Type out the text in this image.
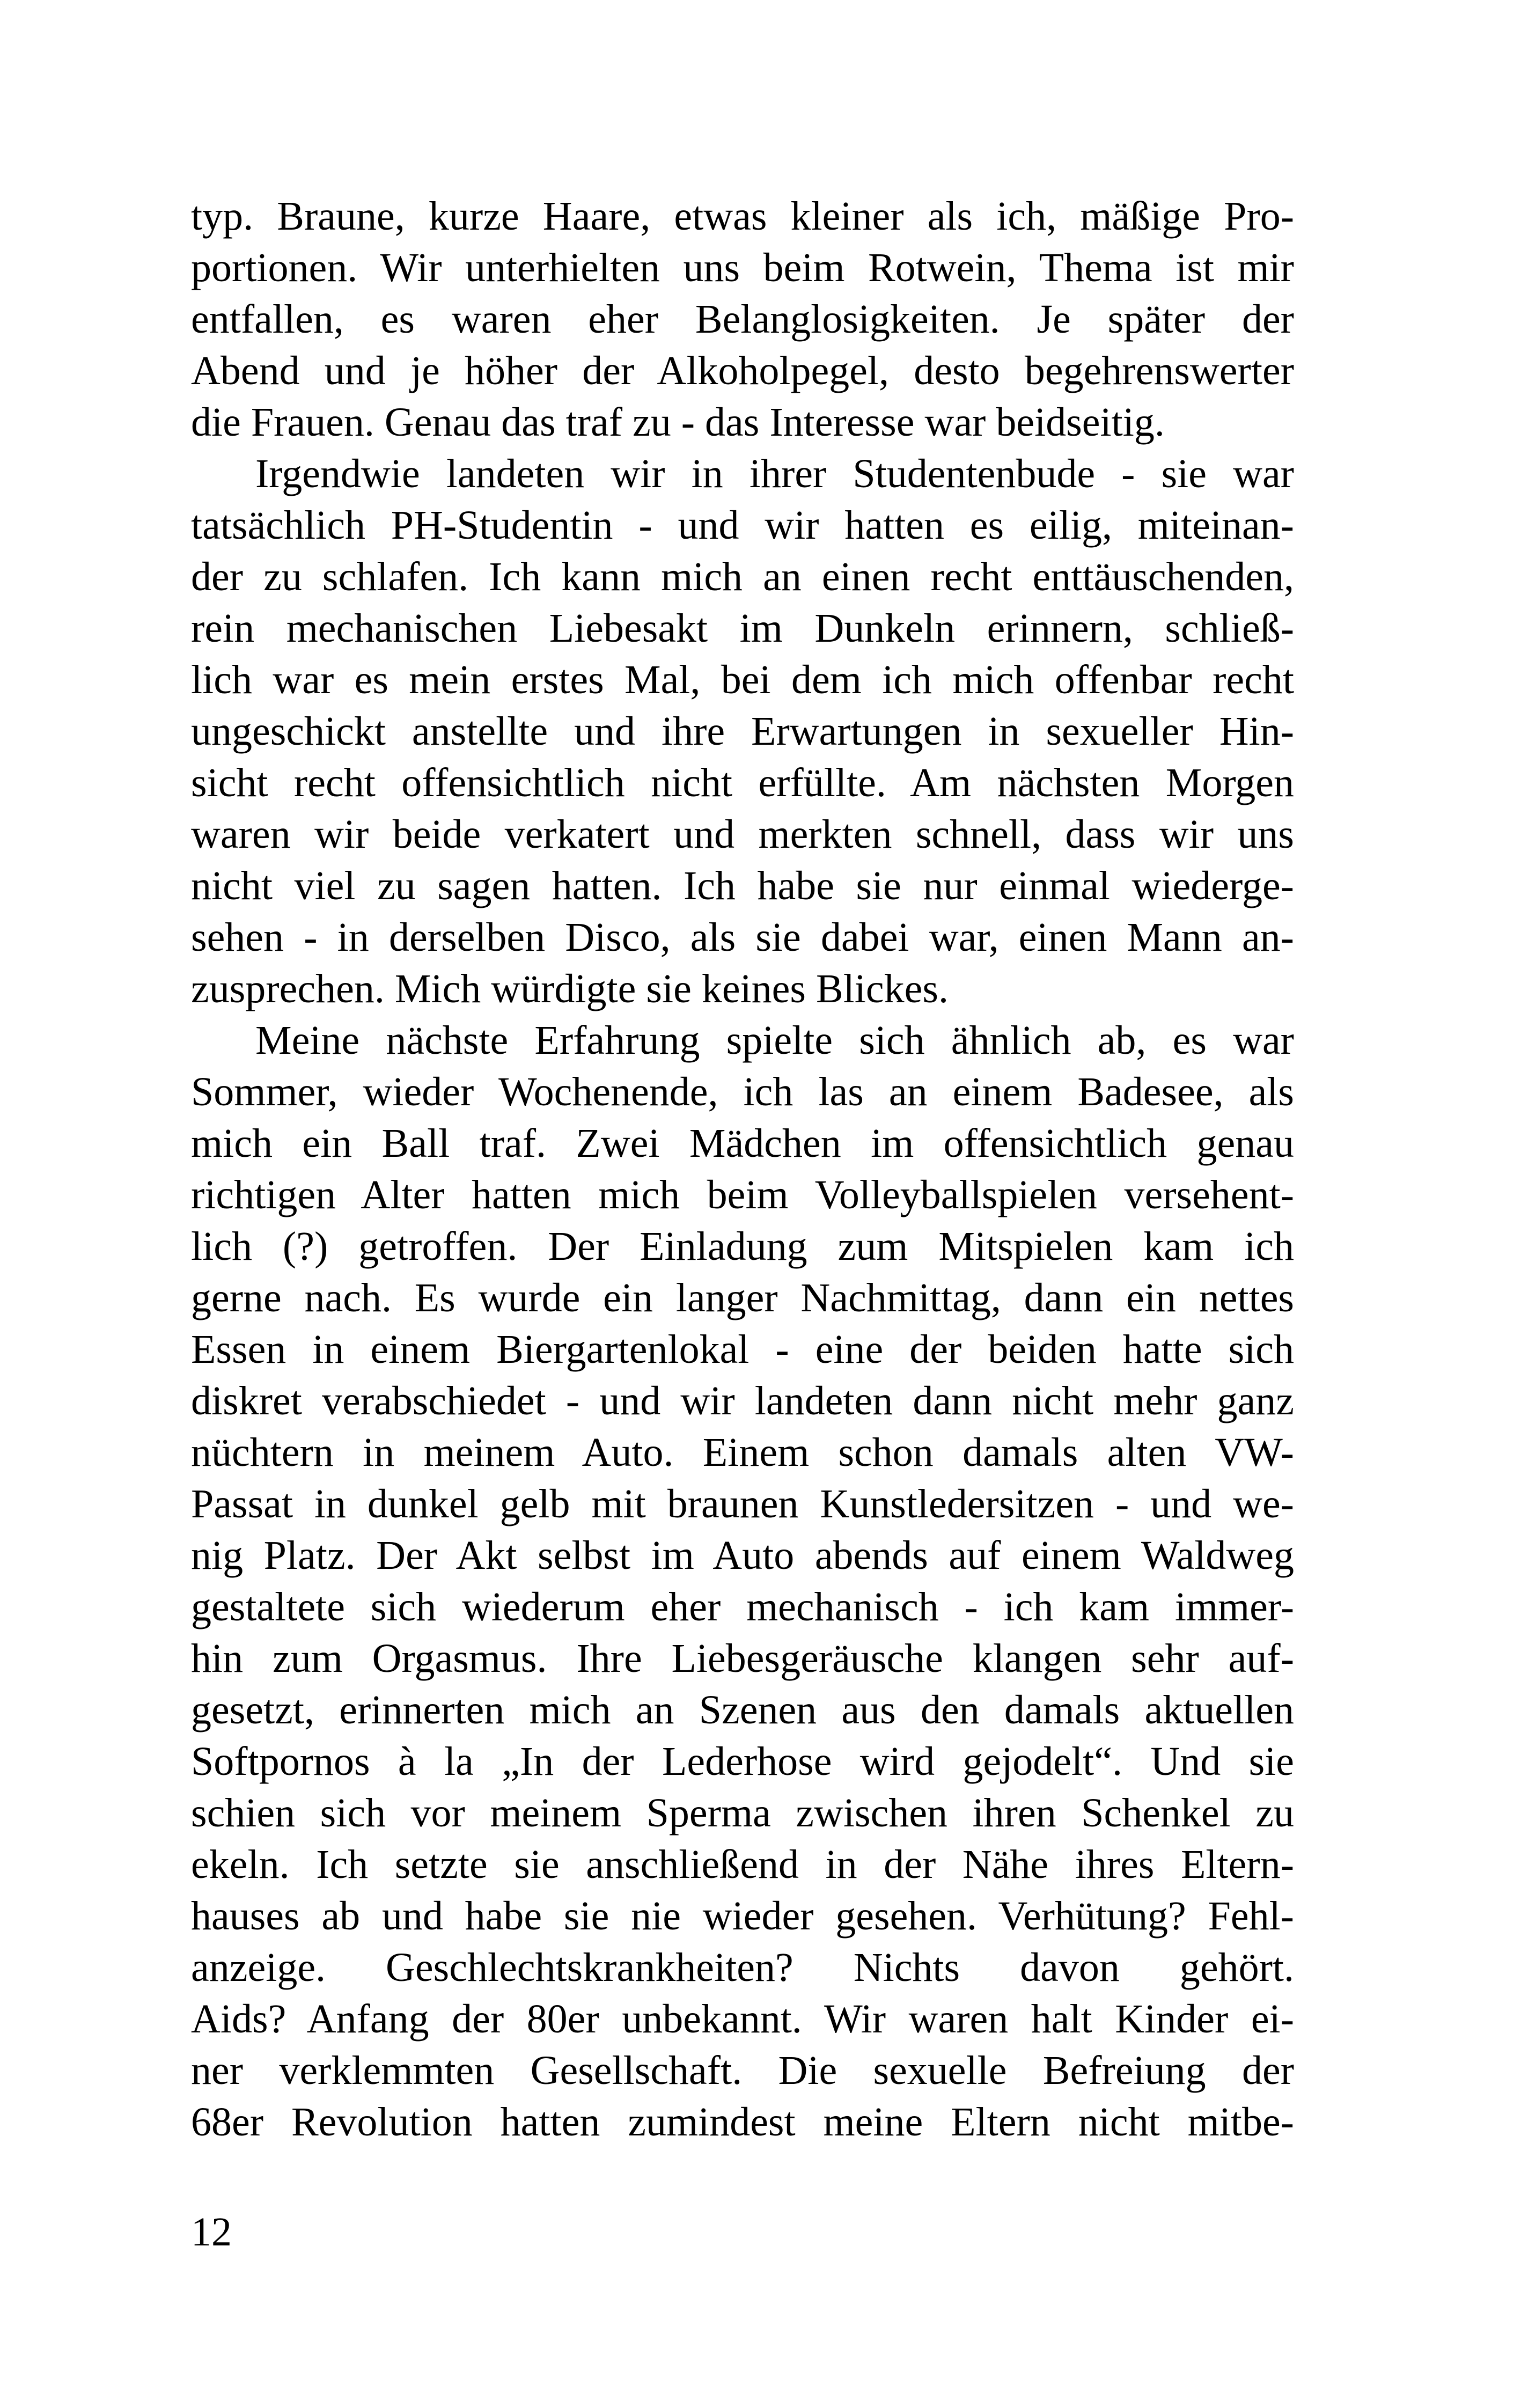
typ. Braune, kurze Haare, etwas kleiner als ich, mäßige Pro-
portionen. Wir unterhielten uns beim Rotwein, Thema ist mir
entfallen, es waren eher Belanglosigkeiten. Je später der
Abend und je höher der Alkoholpegel, desto begehrenswerter
die Frauen. Genau das traf zu - das Interesse war beidseitig.
Irgendwie landeten wir in ihrer Studentenbude - sie war
tatsächlich PH-Studentin - und wir hatten es eilig, miteinan-
der zu schlafen. Ich kann mich an einen recht enttäuschenden,
rein mechanischen Liebesakt im Dunkeln erinnern, schließ-
lich war es mein erstes Mal, bei dem ich mich offenbar recht
ungeschickt anstellte und ihre Erwartungen in sexueller Hin-
sicht recht offensichtlich nicht erfüllte. Am nächsten Morgen
waren wir beide verkatert und merkten schnell, dass wir uns
nicht viel zu sagen hatten. Ich habe sie nur einmal wiederge-
sehen - in derselben Disco, als sie dabei war, einen Mann an-
zusprechen. Mich würdigte sie keines Blickes.
Meine nächste Erfahrung spielte sich ähnlich ab, es war
Sommer, wieder Wochenende, ich las an einem Badesee, als
mich ein Ball traf. Zwei Mädchen im offensichtlich genau
richtigen Alter hatten mich beim Volleyballspielen versehent-
lich (?) getroffen. Der Einladung zum Mitspielen kam ich
gerne nach. Es wurde ein langer Nachmittag, dann ein nettes
Essen in einem Biergartenlokal - eine der beiden hatte sich
diskret verabschiedet - und wir landeten dann nicht mehr ganz
nüchtern in meinem Auto. Einem schon damals alten VW-
Passat in dunkel gelb mit braunen Kunstledersitzen - und we-
nig Platz. Der Akt selbst im Auto abends auf einem Waldweg
gestaltete sich wiederum eher mechanisch - ich kam immer-
hin zum Orgasmus. Ihre Liebesgeräusche klangen sehr auf-
gesetzt, erinnerten mich an Szenen aus den damals aktuellen
Softpornos à la „In der Lederhose wird gejodelt“. Und sie
schien sich vor meinem Sperma zwischen ihren Schenkel zu
ekeln. Ich setzte sie anschließend in der Nähe ihres Eltern-
hauses ab und habe sie nie wieder gesehen. Verhütung? Fehl-
anzeige. Geschlechtskrankheiten? Nichts davon gehört.
Aids? Anfang der 80er unbekannt. Wir waren halt Kinder ei-
ner verklemmten Gesellschaft. Die sexuelle Befreiung der
68er Revolution hatten zumindest meine Eltern nicht mitbe-
12
